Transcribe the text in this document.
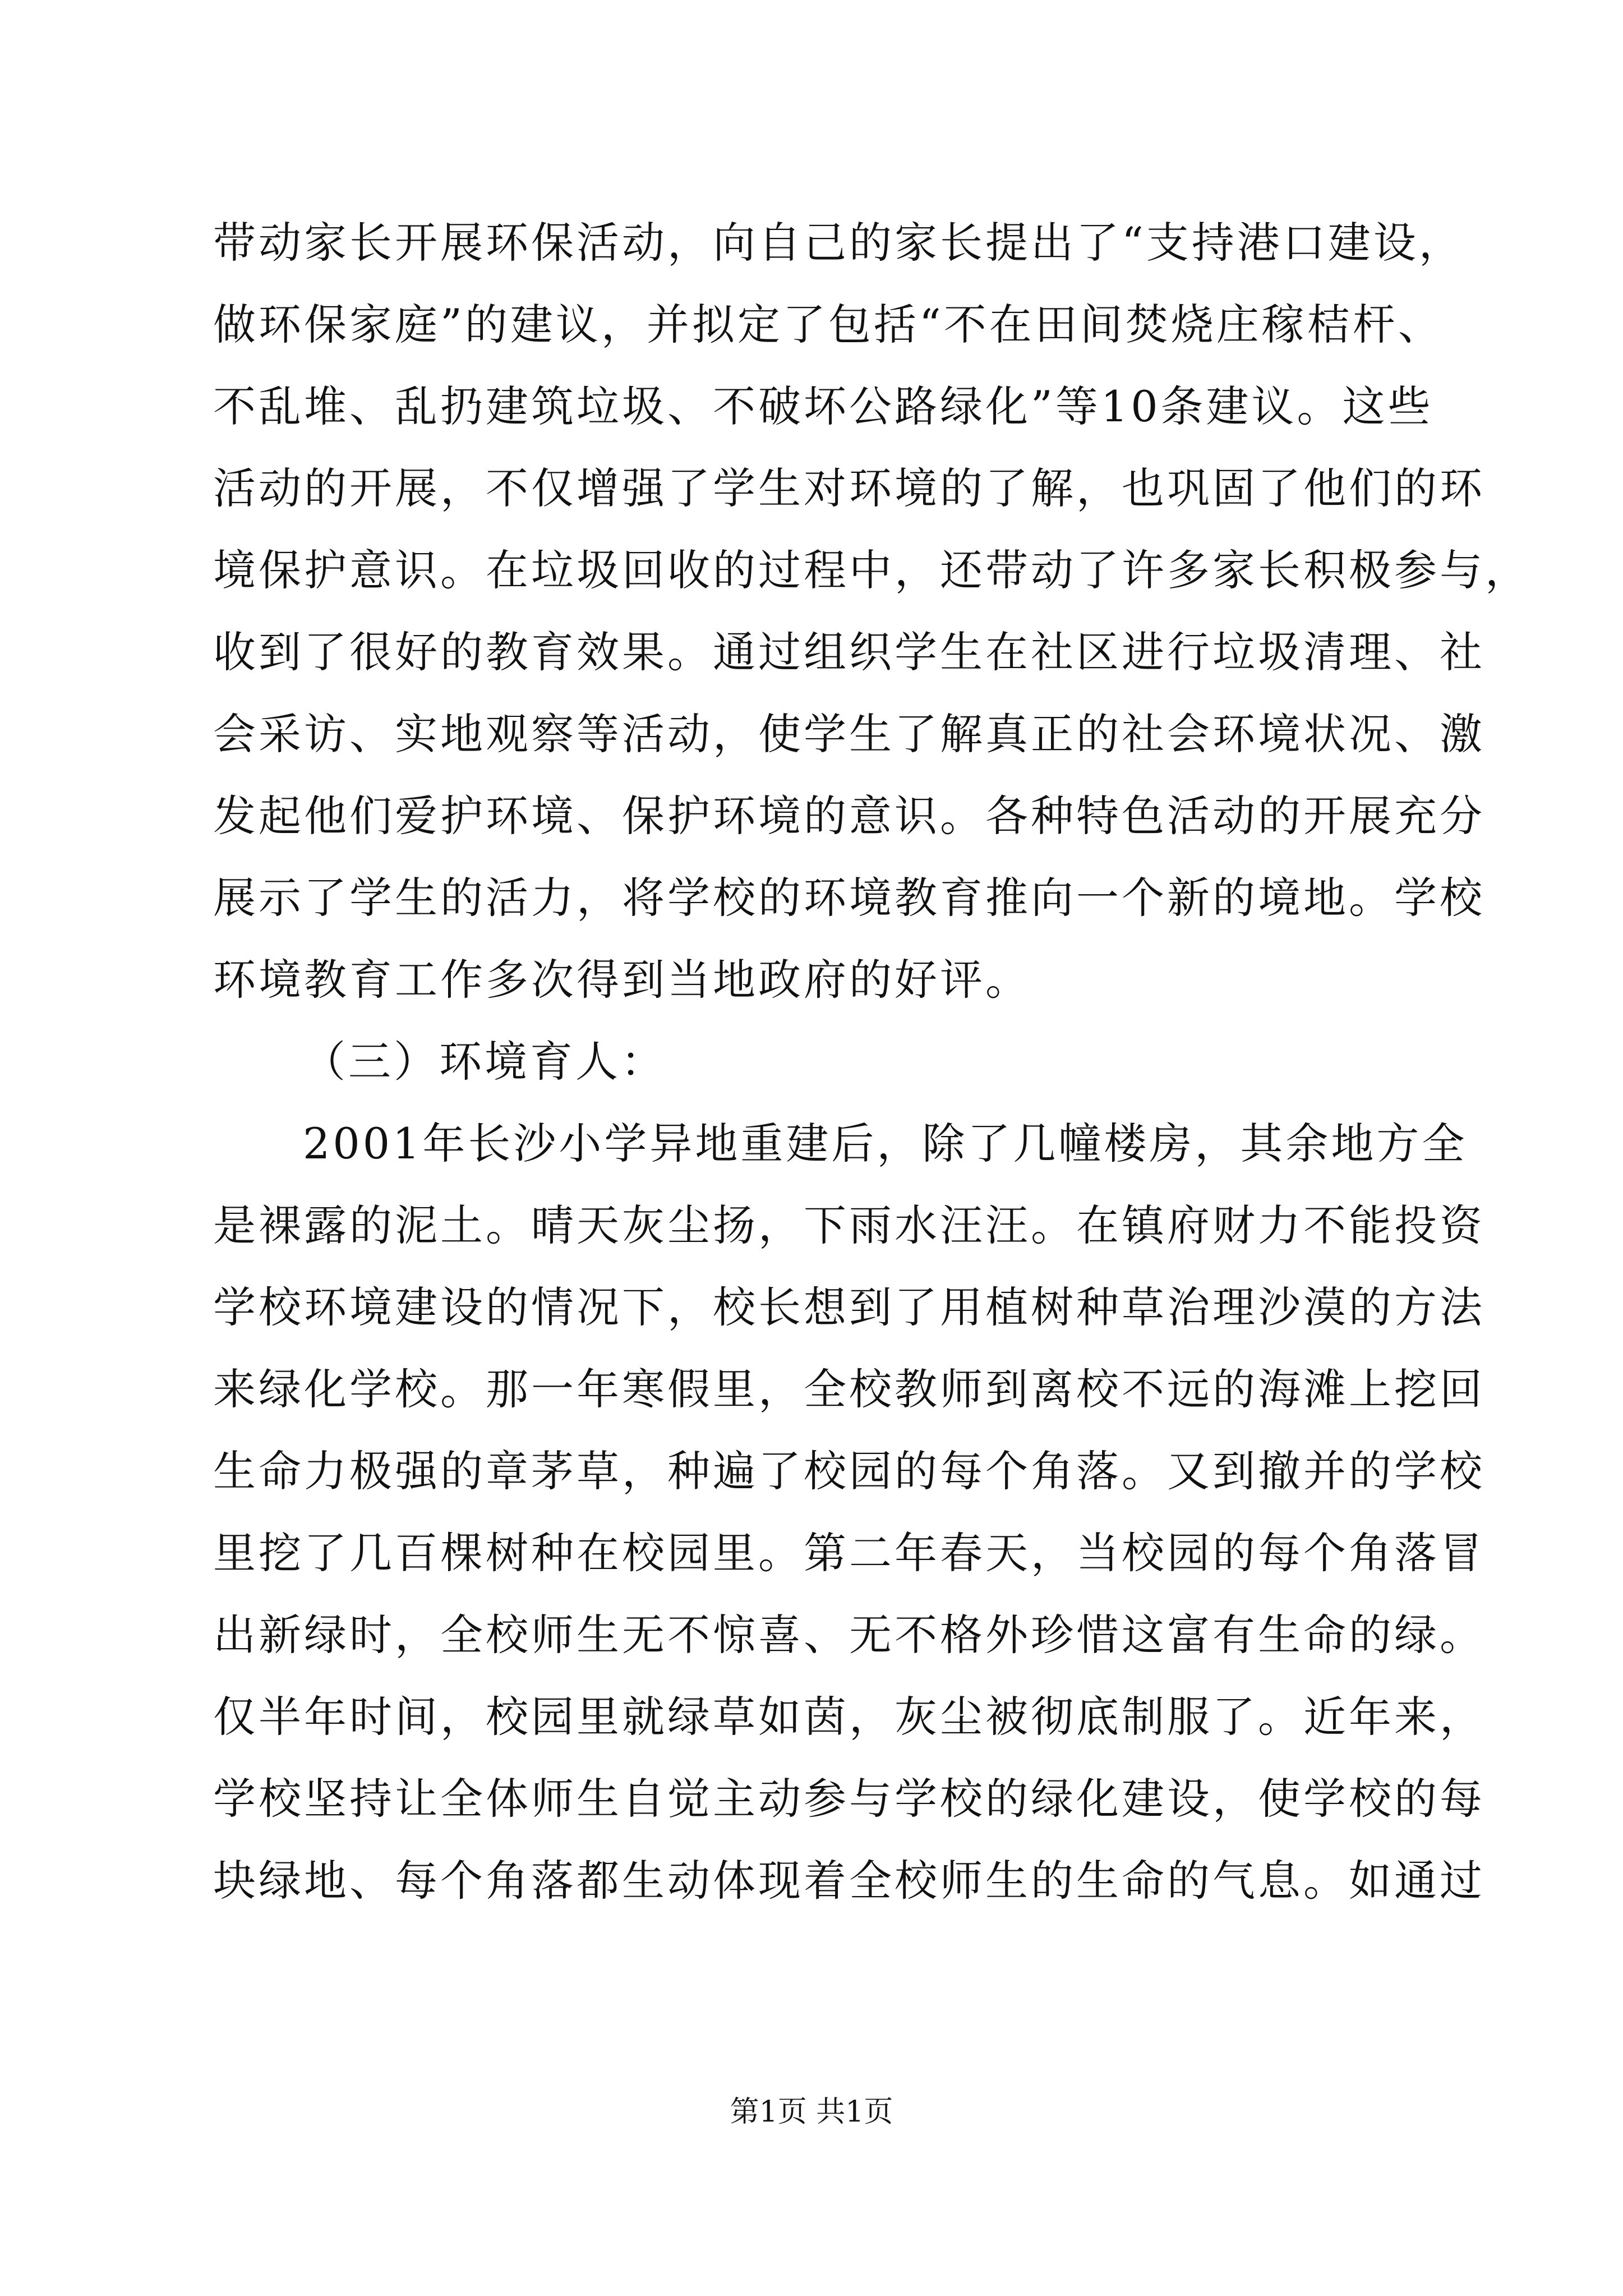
带动家长开展环保活动，向自己的家长提出了“支持港口建设，
做环保家庭”的建议，并拟定了包括“不在田间焚烧庄稼桔杆、
不乱堆、乱扔建筑垃圾、不破坏公路绿化”等10条建议。这些
活动的开展，不仅增强了学生对环境的了解，也巩固了他们的环
境保护意识。在垃圾回收的过程中，还带动了许多家长积极参与，
收到了很好的教育效果。通过组织学生在社区进行垃圾清理、社
会采访、实地观察等活动，使学生了解真正的社会环境状况、激
发起他们爱护环境、保护环境的意识。各种特色活动的开展充分
展示了学生的活力，将学校的环境教育推向一个新的境地。学校
环境教育工作多次得到当地政府的好评。
（三）环境育人：
2001年长沙小学异地重建后，除了几幢楼房，其余地方全
是裸露的泥土。晴天灰尘扬，下雨水汪汪。在镇府财力不能投资
学校环境建设的情况下，校长想到了用植树种草治理沙漠的方法
来绿化学校。那一年寒假里，全校教师到离校不远的海滩上挖回
生命力极强的章茅草，种遍了校园的每个角落。又到撤并的学校
里挖了几百棵树种在校园里。第二年春天，当校园的每个角落冒
出新绿时，全校师生无不惊喜、无不格外珍惜这富有生命的绿。
仅半年时间，校园里就绿草如茵，灰尘被彻底制服了。近年来，
学校坚持让全体师生自觉主动参与学校的绿化建设，使学校的每
块绿地、每个角落都生动体现着全校师生的生命的气息。如通过
第1页 共1页
